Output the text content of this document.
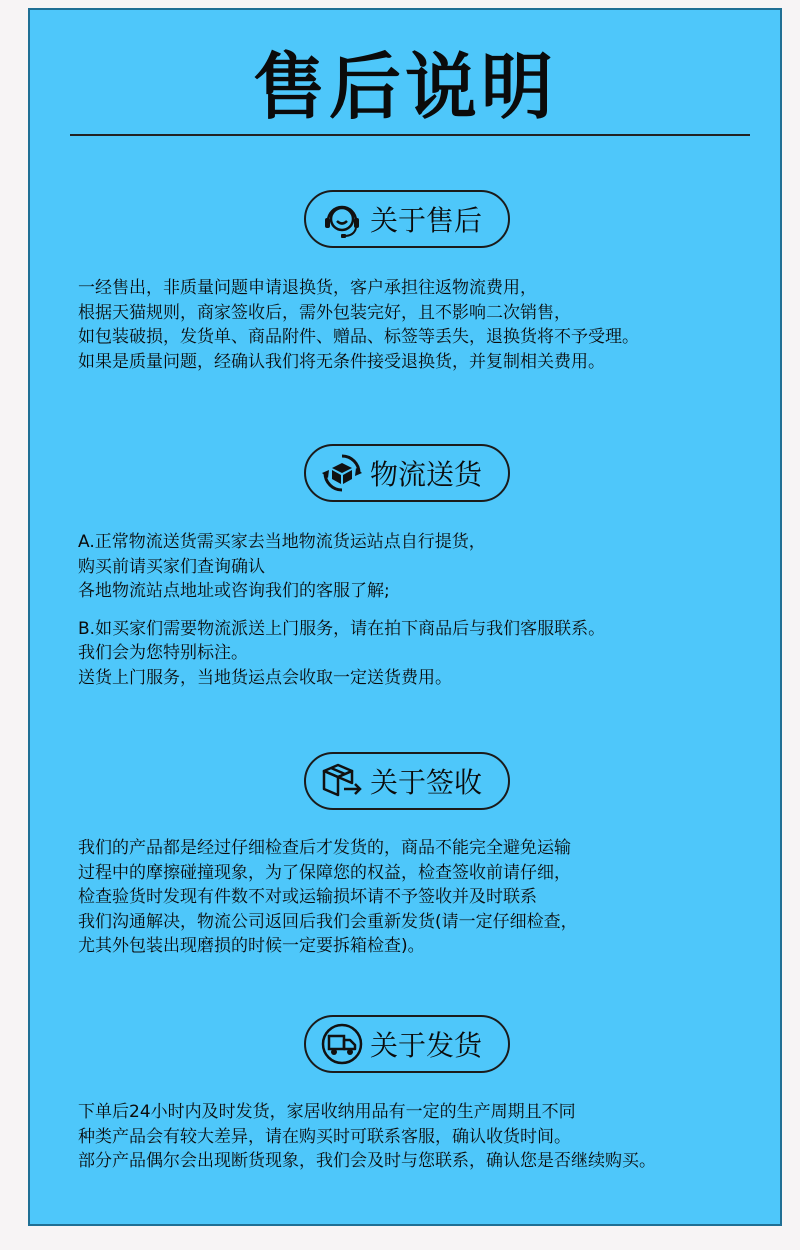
售后说明
关于售后
一经售出，非质量问题申请退换货，客户承担往返物流费用，
根据天猫规则，商家签收后，需外包装完好，且不影响二次销售，
如包装破损，发货单、商品附件、赠品、标签等丢失，退换货将不予受理。
如果是质量问题，经确认我们将无条件接受退换货，并复制相关费用。
物流送货
A.正常物流送货需买家去当地物流货运站点自行提货，
购买前请买家们查询确认
各地物流站点地址或咨询我们的客服了解;
B.如买家们需要物流派送上门服务，请在拍下商品后与我们客服联系。
我们会为您特别标注。
送货上门服务，当地货运点会收取一定送货费用。
关于签收
我们的产品都是经过仔细检查后才发货的，商品不能完全避免运输
过程中的摩擦碰撞现象，为了保障您的权益，检查签收前请仔细，
检查验货时发现有件数不对或运输损坏请不予签收并及时联系
我们沟通解决，物流公司返回后我们会重新发货(请一定仔细检查，
尤其外包装出现磨损的时候一定要拆箱检查)。
关于发货
下单后24小时内及时发货，家居收纳用品有一定的生产周期且不同
种类产品会有较大差异，请在购买时可联系客服，确认收货时间。
部分产品偶尔会出现断货现象，我们会及时与您联系，确认您是否继续购买。
